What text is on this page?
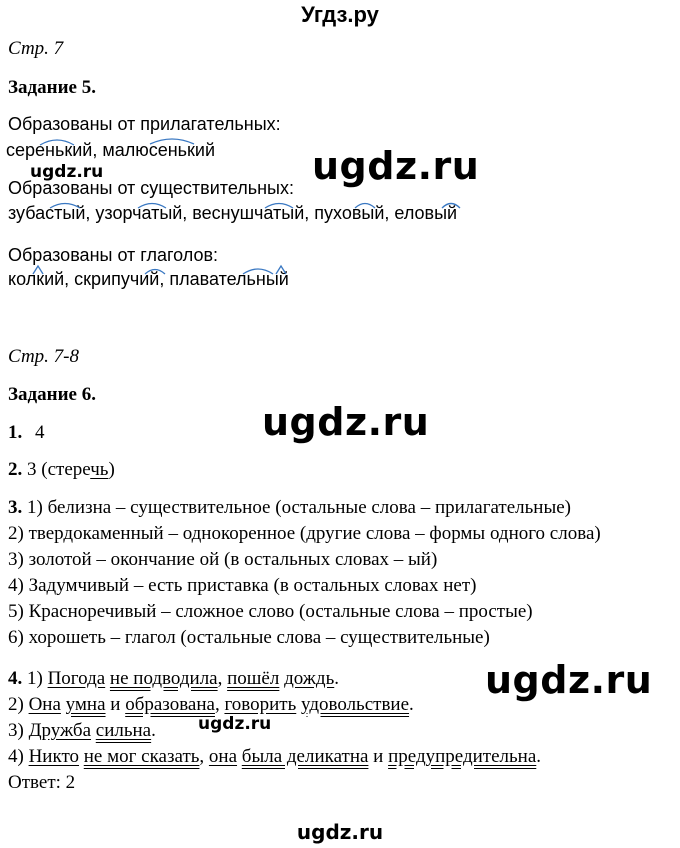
Угдз.ру
Стр. 7
Задание 5.
Образованы от прилагательных:
серенький, малюсенький	ugdz.ru
ugdz.ru
Образованы от существительных:
зубастый, узорчатый, веснушчатый, пуховый, еловый
Образованы от глаголов:
колкий, скрипучий, плавательный
Стр. 7-8
Задание 6.
ugdz.ru
1. 4
2. 3 (стеречь)
3. 1) белизна – существительное (остальные слова – прилагательные)
2) твердокаменный – однокоренное (другие слова – формы одного слова)
3) золотой – окончание ой (в остальных словах – ый)
4) Задумчивый – есть приставка (в остальных словах нет)
5) Красноречивый – сложное слово (остальные слова – простые)
6) хорошеть – глагол (остальные слова – существительные)
ugdz.ru
4. 1) Погода не подводила, пошёл дождь.
2) Она умна и образована, говорить удовольствие.
3) Дружба сильна. ugdz.ru
4) Никто не мог сказать, она была деликатна и предупредительна.
Ответ: 2
ugdz.ru
